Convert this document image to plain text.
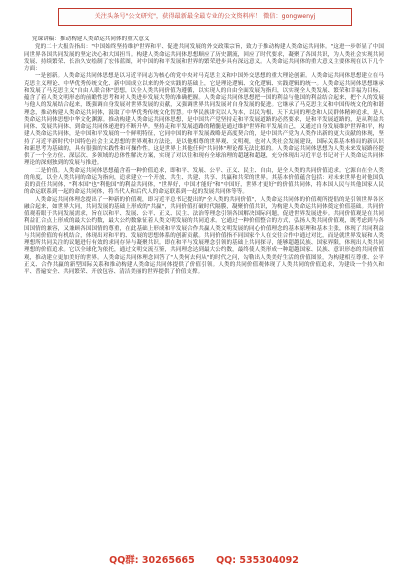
关注头条号"公文研究"，获得最新最全最专业的公文资料库！ 微信：gongwenyj
党课讲稿：推动构建人类命运共同体的重大意义

党的二十大报告指出："中国始终坚持维护世界和平、促进共同发展的外交政策宗旨，致力于推动构建人类命运共同体。"这进一步彰显了中国同世界各国共同发展的坚定决心和大国担当。构建人类命运共同体思想顺应了历史潮流，回应了时代要求，凝聚了各国共识，为人类社会实现共同发展、持续繁荣、长治久安绘制了宏伟蓝图，对中国的和平发展和世界的繁荣进步具有深远意义。人类命运共同体的重大意义主要体现在以下几个方面：

一是创新。人类命运共同体思想是以习近平同志为核心的党中央对马克思主义和中国外交思想的重大理论创新。人类命运共同体思想建立在马克思主义理论、中华优秀传统文化、新中国成立以来的外交实践的基础上，它是理论逻辑、文化逻辑、实践逻辑的统一。人类命运共同体思想继承和发展了马克思主义"自由人联合体"思想，以全人类共同价值为遵循，以实现人的自由全面发展为指归，以实现全人类发展、繁荣和幸福为目标，蕴含了着人类文明形态的前瞻性思考和对人类进步发展大势的准确把握。人类命运共同体思想把一国的利益与他国的利益结合起来，把个人的发展与他人的发展结合起来，既强调自身发展对世界发展的贡献，又强调世界共同发展对自身发展的促进。它继承了马克思主义和中国传统文化的和谐理念，推动构建人类命运共同体，汲取了中华优秀传统文化智慧。中华民族讲究以人为本，以民为根、天下太同的理念和人民群体精神追求，是人类命运共同体思想中华文化渊源。推动构建人类命运共同体思想，是中国共产党坚持走和平发展道路的必然要求，是和平发展道路的，是从利益共同体、发展共同体、到命运共同体递进的不断升华。坚持走和平发展道路的精髓是通过维护世界和平发展自己，又通过自身发展维护世界和平，构建人类命运共同体，是中国和平发展的一个鲜明特征，它同中国的和平发展战略是高度契合的，是中国共产党为人类作出新的更大贡献的体现，坚持了习近平新时代中国特色社会主义思想的世界观和方法论，是以他相尊的世界观、文明观，也对人类社会发展建设，国际关系基本格局的新认识和新思考为基础的，具有很强的实践性和可操作性。这是世界上其他任何"共同体"理论都无法比拟的。人类命运共同体思想为人类未来发展路径提供了一个全方位、深层次、多领域的总体性解决方案，实现了对以往和现有全球治理的超越和超越，充分体现出习近平总书记对于人类命运共同体理论的深刻独到的发展与推进。

二是价值。人类命运共同体思想蕴含着一种价值追求，即和平、发展、公平、正义、民主、自由，是全人类的共同价值追求。它源自在全人类的角度，以全人类共同的命运为指向，追求建立一个开放、共生、共建、共享、共赢和共荣的世界。其基本价值蕴含包括：对未来世界也对他国负责的责任共同体，"利本国"也"利他国"的利益共同体，"世界好，中国才能好"和"中国好，世界才更好"的价值共同体，将本国人民与其他国家人民的命运联系到一起的命运共同体，将当代人和后代人的命运联系到一起的发展共同体等等。

人类命运共同体理念提出了一种新的价值观，即习近平总书记提出的"全人类的共同价值"，人类命运共同体的价值观所提倡的是引领世界各区融合起来，如世界大同，共同发展的基础上形成的"共赢"，共同价值打破时代隔膜，凝聚价值共识，为构建人类命运共同体奠定价值基础。共同价值观着眼于共同发展需求，旨在以和平、发展、公平、正义、民主、法治等理念引领各国解决国际问题，促进世界发展进步。共同价值观是在共同利益汇合点上形成的最大公约数，最大公约数象征着人类文明发展的共同追求。它通过一种价值整合的方式，弘扬人类共同价值观，既考虑到与各国国情的兼容，又兼顾各国国情的尊重，在此基础上形成和平发展合作共赢人类文明发展的同心价值理念的基本原理和基本主张，体现了共同利益与共同价值的有机结合，体现出对和平的、发展的思想体系的创新贡献。共同价值指不同国家个人在交往合作中通过对比，而是就世界发展和人类理想所共同关注的议题进行有效的求同存异与凝聚共识。即在和平与发展理念引领的基础上共同探寻，能够超越民族、国家界限，体现出人类共同理想的价值追求。它以全球化为依托，通过文明交流互鉴，共同理念达到最大公约数，最终使人类形成一种超越国家、民族、意识形态的共同价值观，推动建立更加美好的世界。人类命运共同体理念回答了"人类何去何从"的时代之问，勾勒出人类美好生活的价值图景，为构建相互尊重、公平正义、合作共赢的新型国际关系和推动构建人类命运共同体提供了价值引领。人类的共同价值观体现了人类共同的价值追求，为建设一个持久和平、普遍安全、共同繁荣、开放包容、清洁美丽的世界提供了价值支撑。

QQ群: 30265665 QQ: 535304092
